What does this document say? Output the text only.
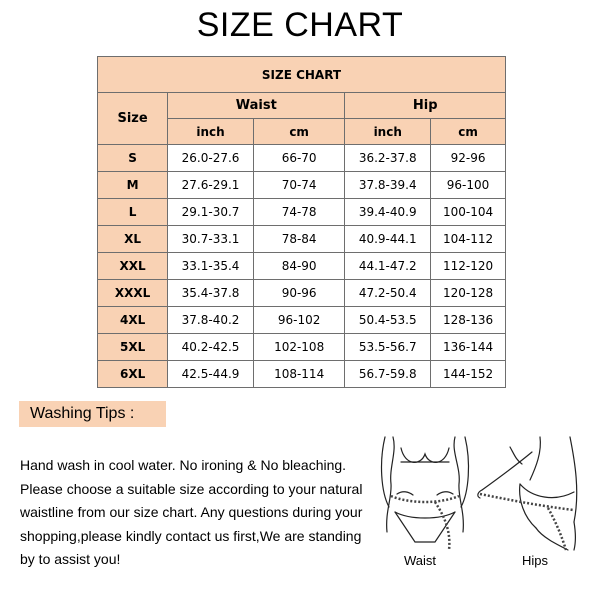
SIZE CHART
SIZE CHART				
Size	Waist		Hip	
	inch	cm	inch	cm
S	26.0-27.6	66-70	36.2-37.8	92-96
M	27.6-29.1	70-74	37.8-39.4	96-100
L	29.1-30.7	74-78	39.4-40.9	100-104
XL	30.7-33.1	78-84	40.9-44.1	104-112
XXL	33.1-35.4	84-90	44.1-47.2	112-120
XXXL	35.4-37.8	90-96	47.2-50.4	120-128
4XL	37.8-40.2	96-102	50.4-53.5	128-136
5XL	40.2-42.5	102-108	53.5-56.7	136-144
6XL	42.5-44.9	108-114	56.7-59.8	144-152
Washing Tips :
Hand wash in cool water. No ironing & No bleaching.
Please choose a suitable size according to your natural
waistline from our size chart. Any questions during your
shopping,please kindly contact us first,We are standing
by to assist you!	Waist	Hips
